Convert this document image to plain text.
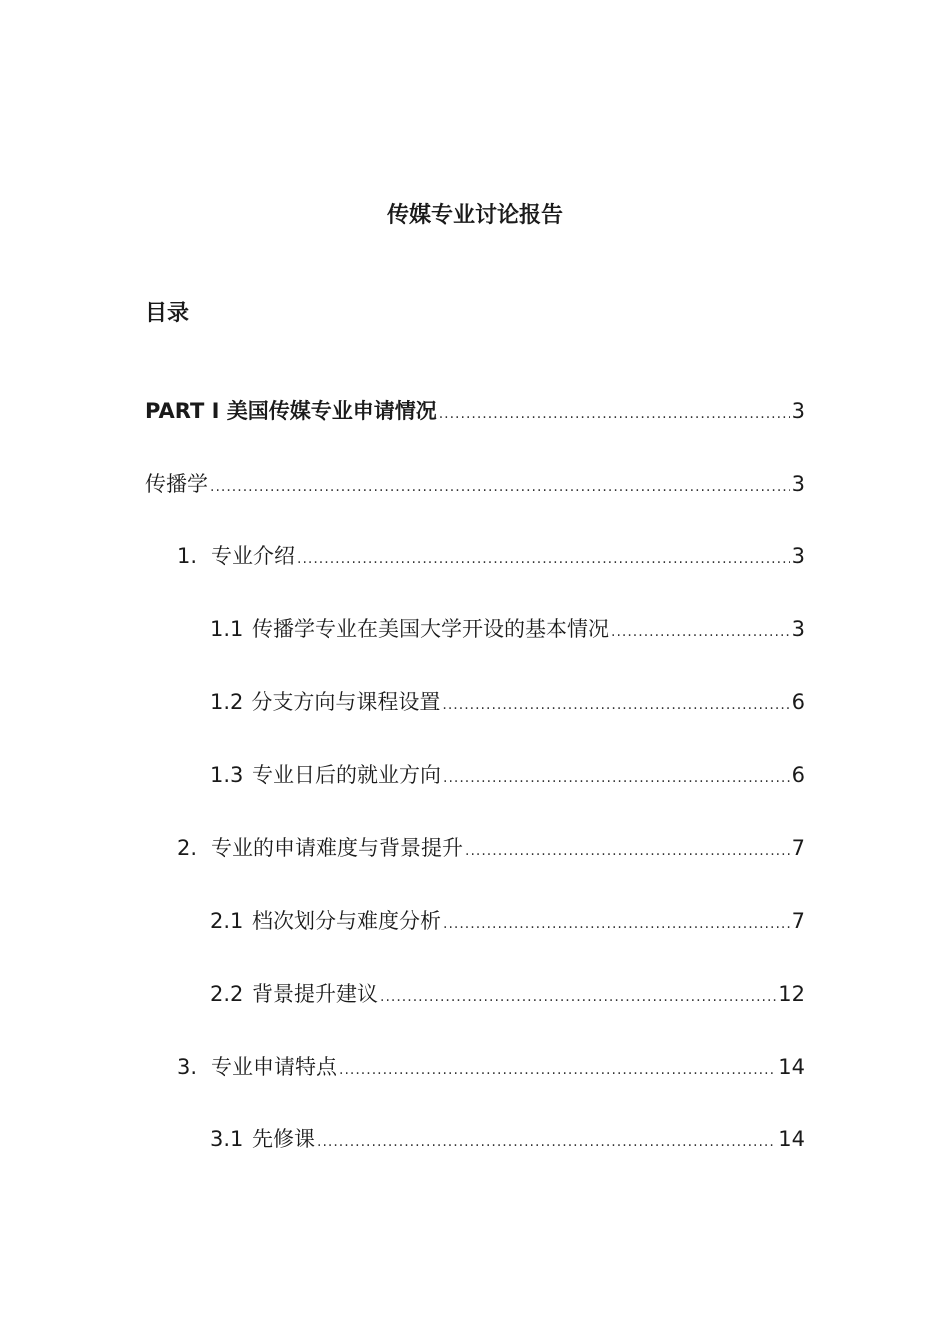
传媒专业讨论报告
目录
PART I 美国传媒专业申请情况 .....	3
传播学 .....	3
1. 专业介绍 .....	3
1.1 传播学专业在美国大学开设的基本情况 .....	3
1.2 分支方向与课程设置 .....	6
1.3 专业日后的就业方向 .....	6
2. 专业的申请难度与背景提升 .....	7
2.1 档次划分与难度分析 .....	7
2.2 背景提升建议 .....	12
3. 专业申请特点 .....	14
3.1 先修课 .....	14
